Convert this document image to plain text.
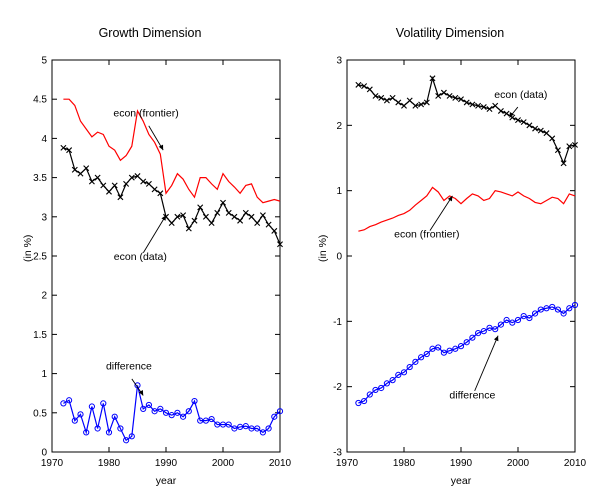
Growth Dimension
1970	1980	1990	2000	2010
0
0.5
1
1.5
2
2.5
3
3.5
4
4.5
5
year
econ (frontier)
econ (data)
difference
(in %)
Volatility Dimension
1970	1980	1990	2000	2010
-3
-2
-1
0
1
2
3
year
econ (data)
econ (frontier)
difference
(in %)
